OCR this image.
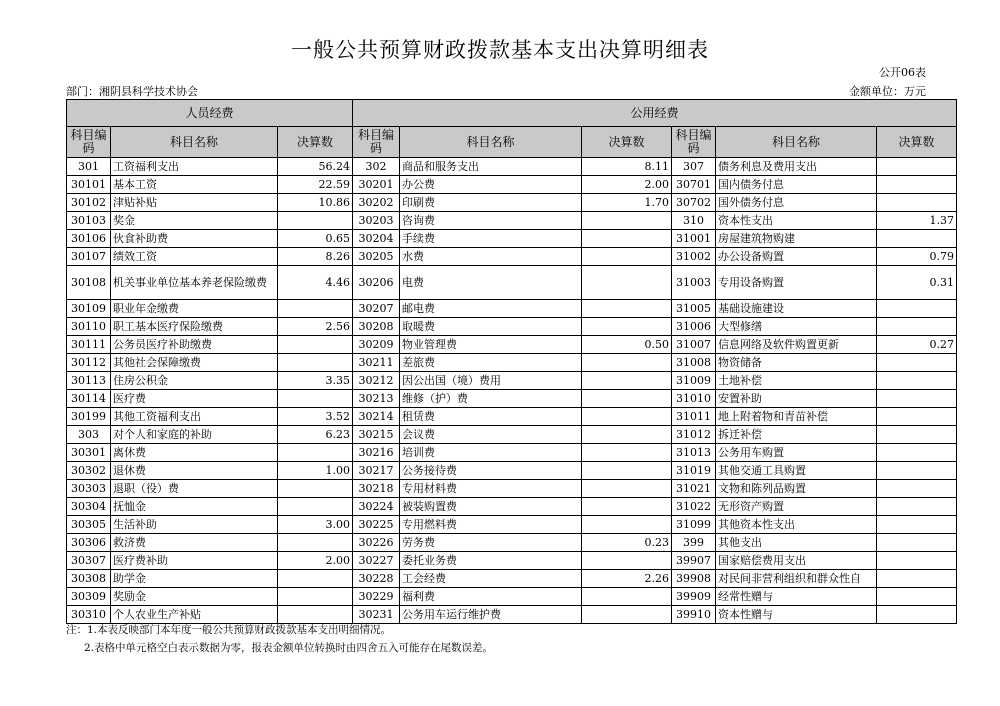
一般公共预算财政拨款基本支出决算明细表
公开06表
部门：湘阴县科学技术协会	金额单位：万元
人员经费			公用经费					
科目编码	科目名称	决算数	科目编码	科目名称	决算数	科目编码	科目名称	决算数
301	工资福利支出	56.24	302	商品和服务支出	8.11	307	债务利息及费用支出	
30101	基本工资	22.59	30201	办公费	2.00	30701	国内债务付息	
30102	津贴补贴	10.86	30202	印刷费	1.70	30702	国外债务付息	
30103	奖金		30203	咨询费		310	资本性支出	1.37
30106	伙食补助费	0.65	30204	手续费		31001	房屋建筑物购建	
30107	绩效工资	8.26	30205	水费		31002	办公设备购置	0.79
30108	机关事业单位基本养老保险缴费	4.46	30206	电费		31003	专用设备购置	0.31
30109	职业年金缴费		30207	邮电费		31005	基础设施建设	
30110	职工基本医疗保险缴费	2.56	30208	取暖费		31006	大型修缮	
30111	公务员医疗补助缴费		30209	物业管理费	0.50	31007	信息网络及软件购置更新	0.27
30112	其他社会保障缴费		30211	差旅费		31008	物资储备	
30113	住房公积金	3.35	30212	因公出国（境）费用		31009	土地补偿	
30114	医疗费		30213	维修（护）费		31010	安置补助	
30199	其他工资福利支出	3.52	30214	租赁费		31011	地上附着物和青苗补偿	
303	对个人和家庭的补助	6.23	30215	会议费		31012	拆迁补偿	
30301	离休费		30216	培训费		31013	公务用车购置	
30302	退休费	1.00	30217	公务接待费		31019	其他交通工具购置	
30303	退职（役）费		30218	专用材料费		31021	文物和陈列品购置	
30304	抚恤金		30224	被装购置费		31022	无形资产购置	
30305	生活补助	3.00	30225	专用燃料费		31099	其他资本性支出	
30306	救济费		30226	劳务费	0.23	399	其他支出	
30307	医疗费补助	2.00	30227	委托业务费		39907	国家赔偿费用支出	
30308	助学金		30228	工会经费	2.26	39908	对民间非营利组织和群众性自	
30309	奖励金		30229	福利费		39909	经常性赠与	
30310	个人农业生产补贴		30231	公务用车运行维护费		39910	资本性赠与	
注：1.本表反映部门本年度一般公共预算财政拨款基本支出明细情况。
2.表格中单元格空白表示数据为零，报表金额单位转换时由四舍五入可能存在尾数误差。
